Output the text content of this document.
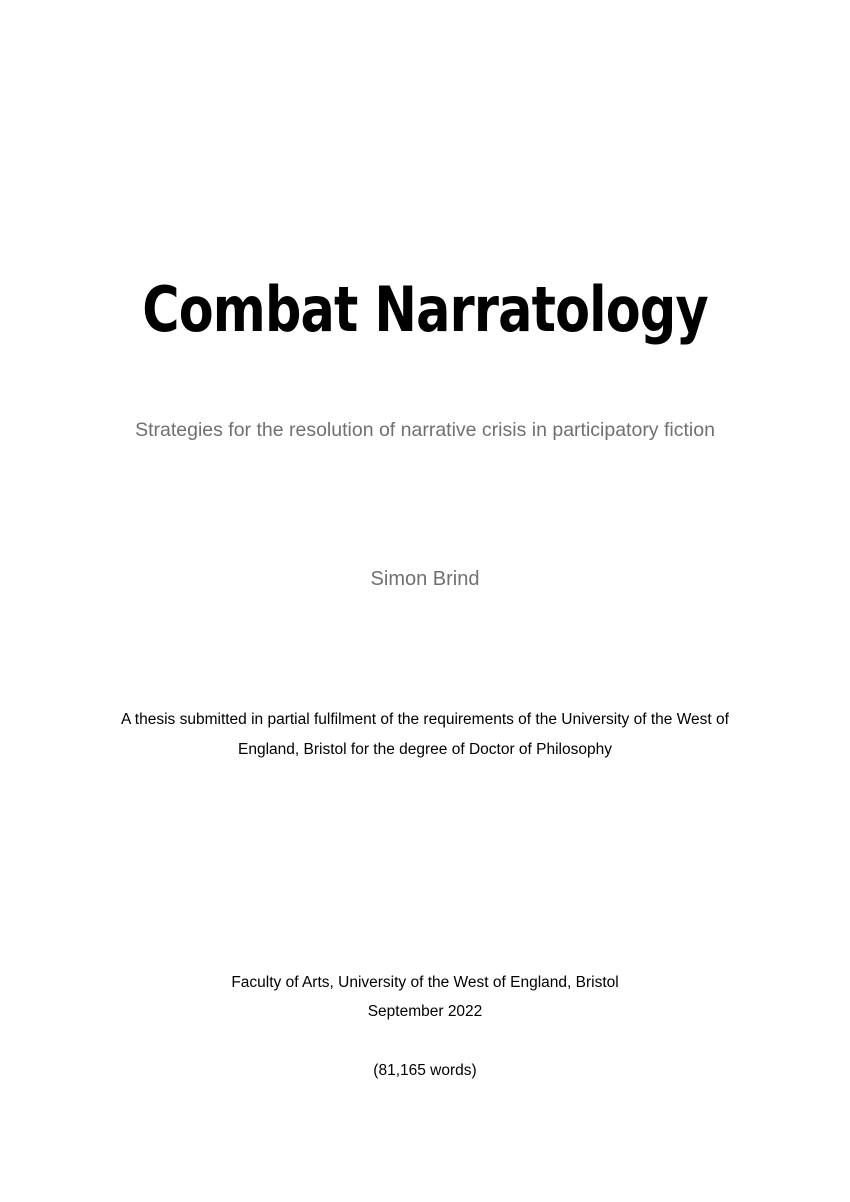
Combat Narratology
Strategies for the resolution of narrative crisis in participatory fiction
Simon Brind
A thesis submitted in partial fulfilment of the requirements of the University of the West of England, Bristol for the degree of Doctor of Philosophy
Faculty of Arts, University of the West of England, Bristol
September 2022
(81,165 words)
